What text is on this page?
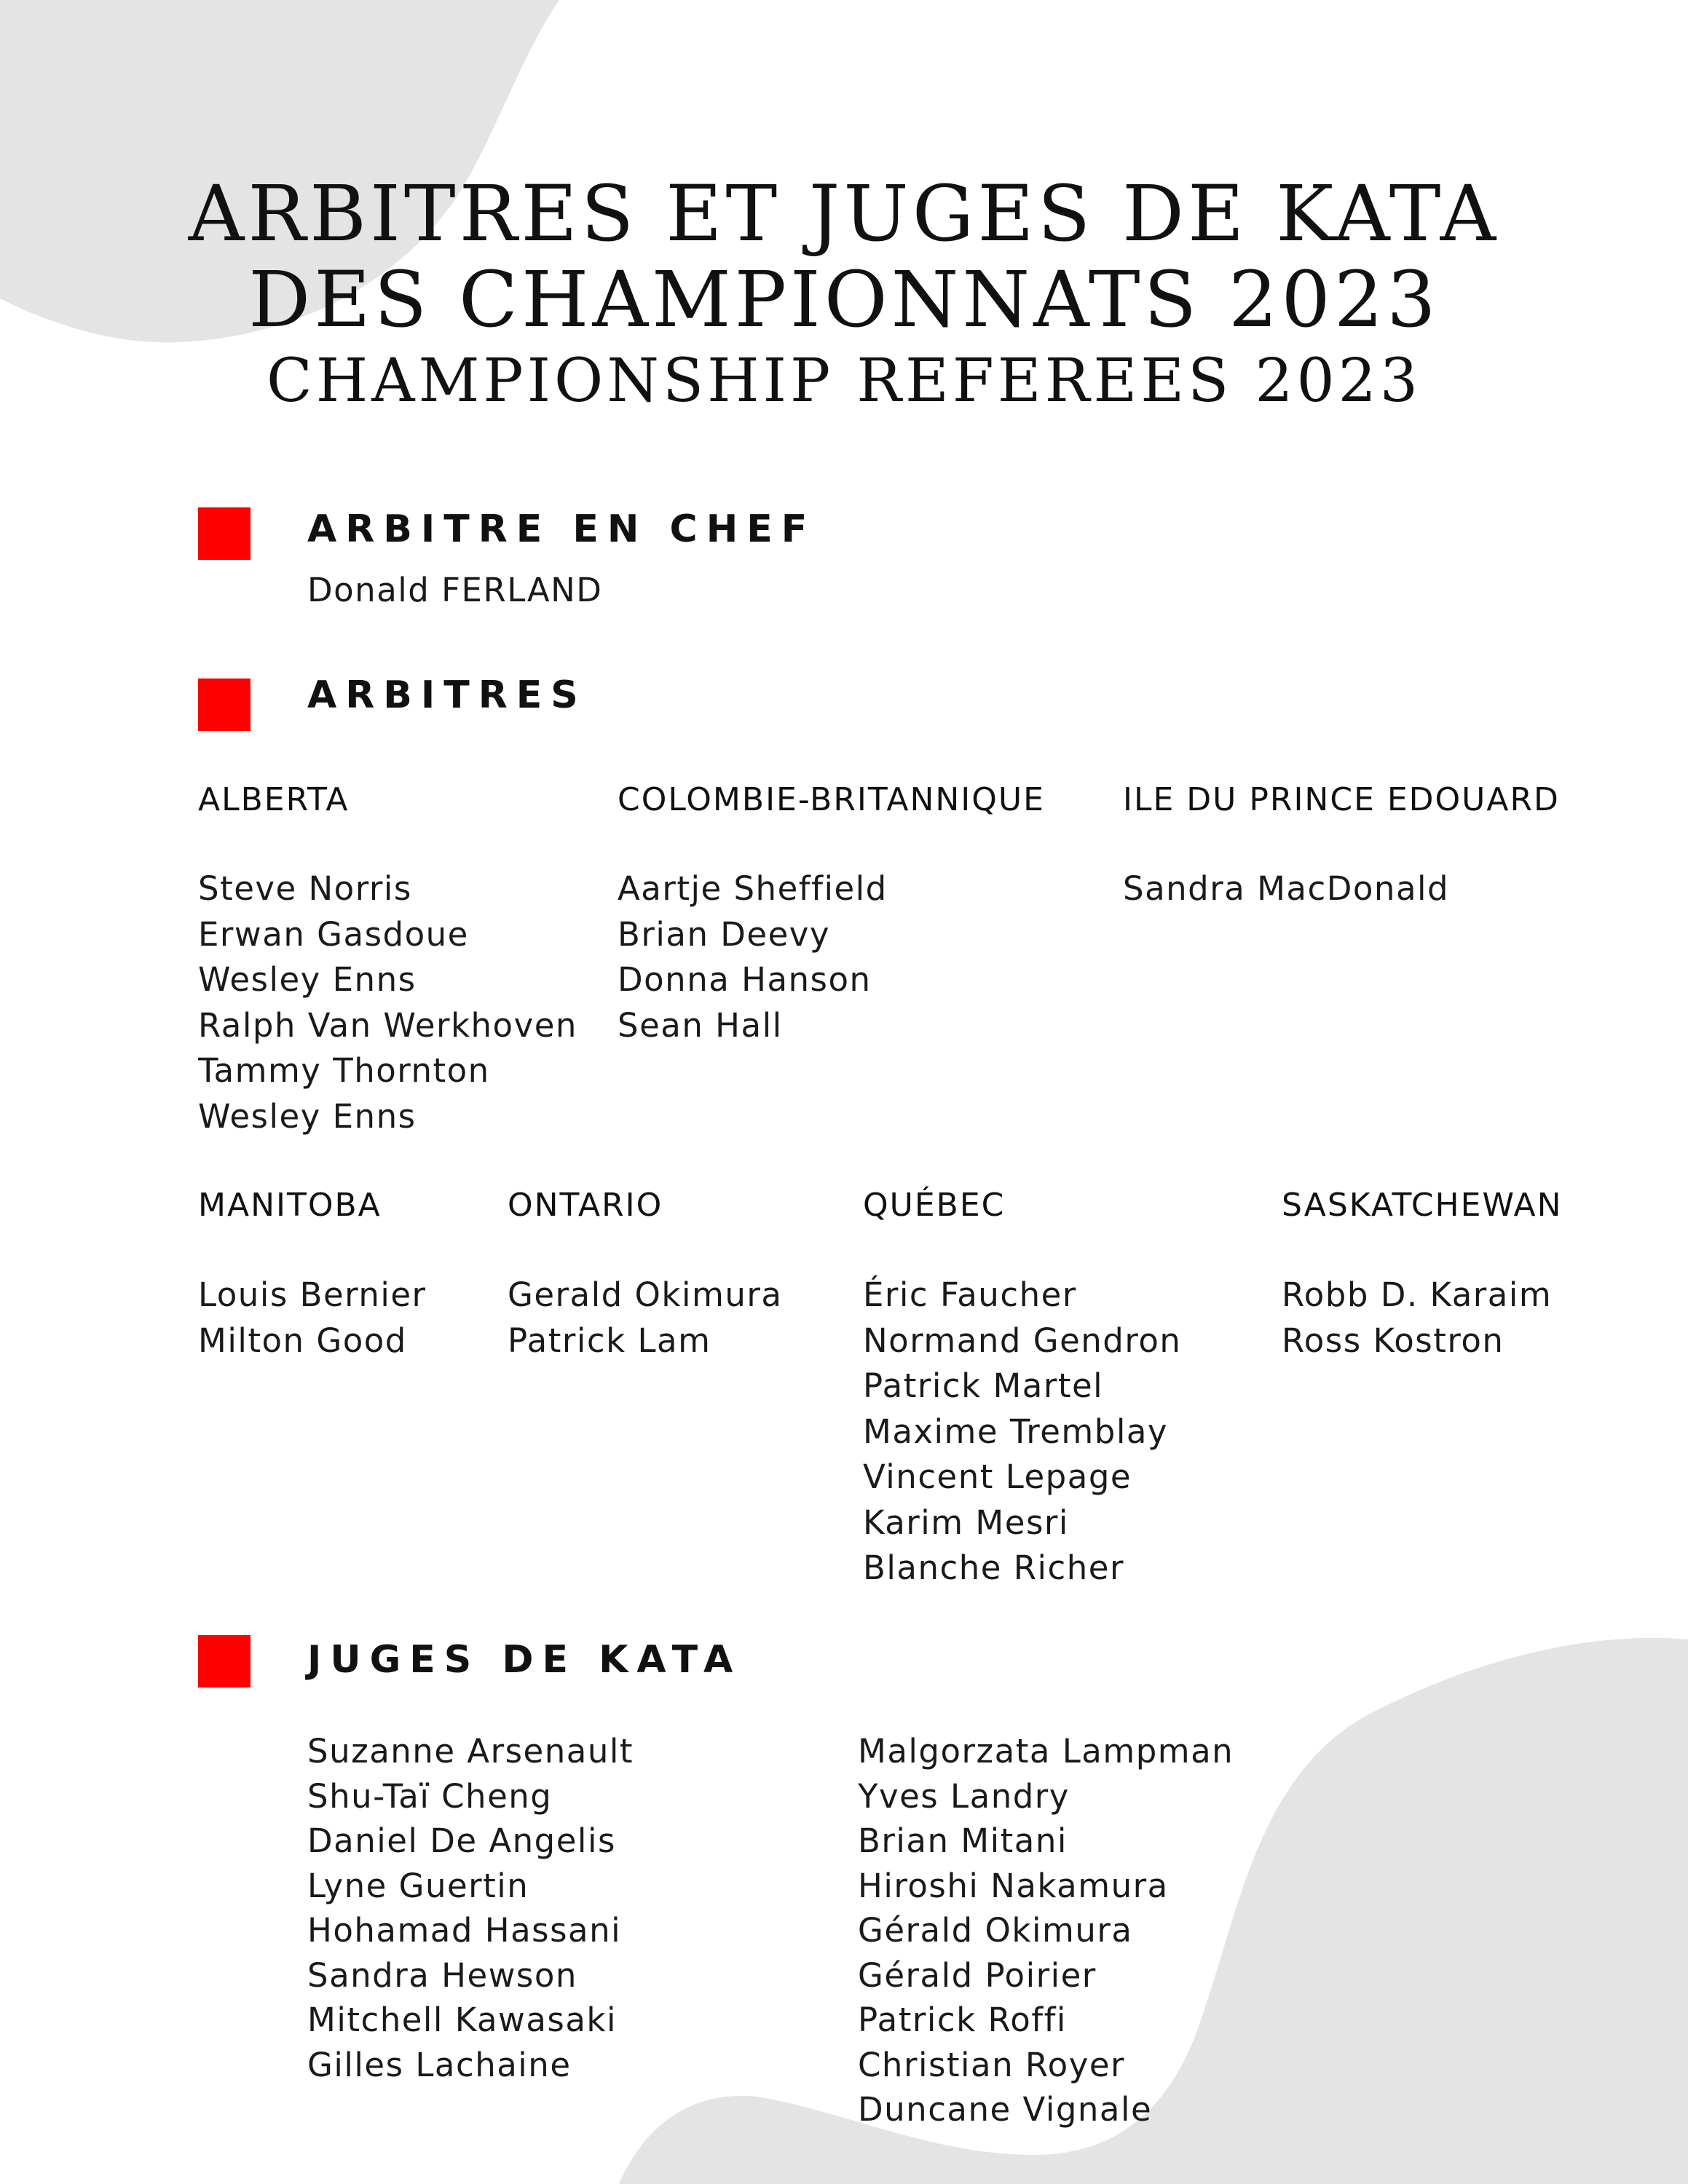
ARBITRES ET JUGES DE KATA
DES CHAMPIONNATS 2023
CHAMPIONSHIP REFEREES 2023
ARBITRE EN CHEF
Donald FERLAND
ARBITRES
ALBERTA
Steve Norris
Erwan Gasdoue
Wesley Enns
Ralph Van Werkhoven
Tammy Thornton
Wesley Enns
COLOMBIE-BRITANNIQUE
Aartje Sheffield
Brian Deevy
Donna Hanson
Sean Hall
ILE DU PRINCE EDOUARD
Sandra MacDonald
MANITOBA
Louis Bernier
Milton Good
ONTARIO
Gerald Okimura
Patrick Lam
QUÉBEC
Éric Faucher
Normand Gendron
Patrick Martel
Maxime Tremblay
Vincent Lepage
Karim Mesri
Blanche Richer
SASKATCHEWAN
Robb D. Karaim
Ross Kostron
JUGES DE KATA
Suzanne Arsenault
Shu-Taï Cheng
Daniel De Angelis
Lyne Guertin
Hohamad Hassani
Sandra Hewson
Mitchell Kawasaki
Gilles Lachaine
Malgorzata Lampman
Yves Landry
Brian Mitani
Hiroshi Nakamura
Gérald Okimura
Gérald Poirier
Patrick Roffi
Christian Royer
Duncane Vignale
